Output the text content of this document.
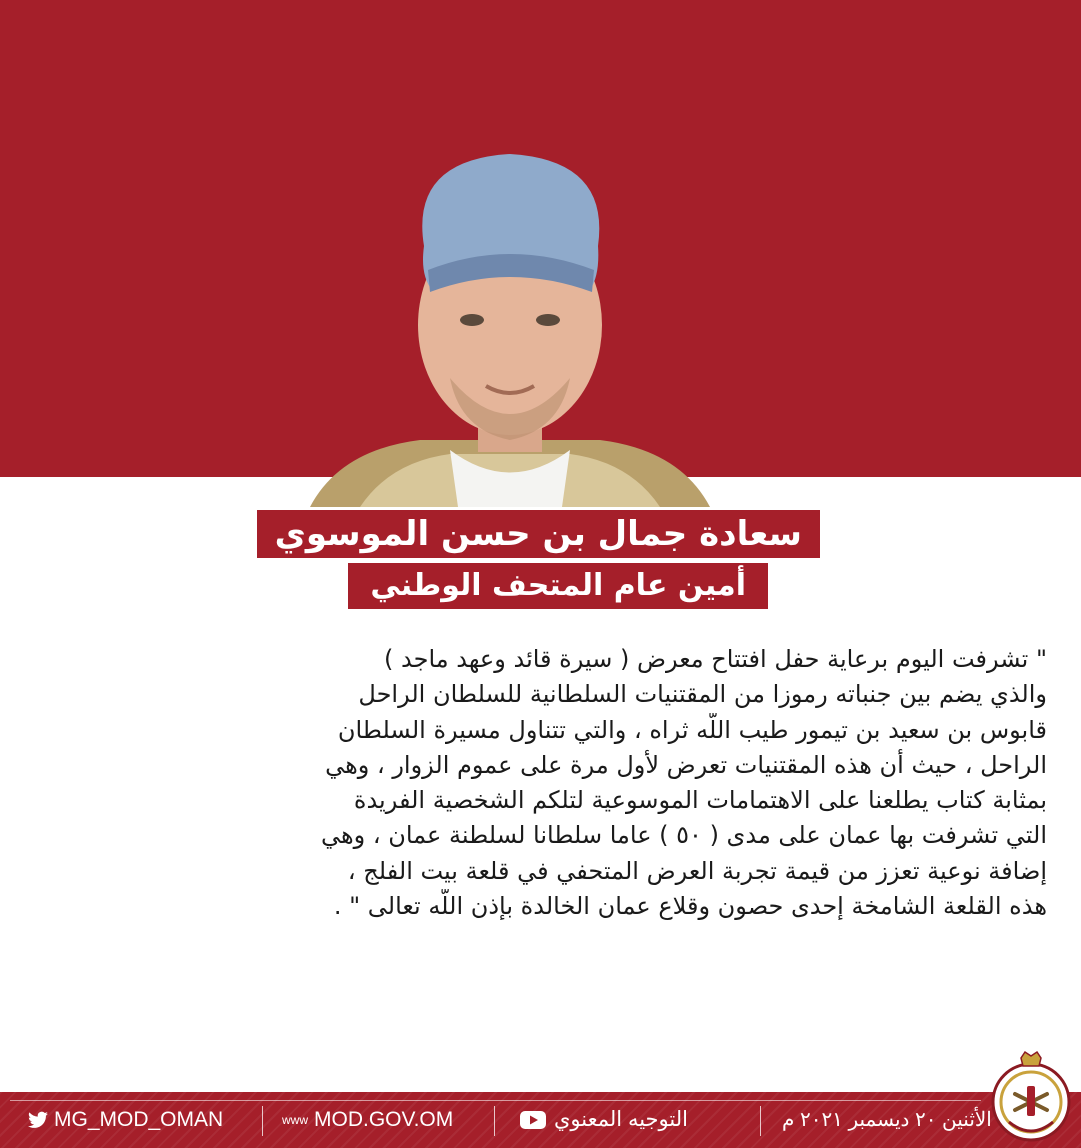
سعادة جمال بن حسن الموسوي
أمين عام المتحف الوطني
" تشرفت اليوم برعاية حفل افتتاح معرض ( سيرة قائد وعهد ماجد )
والذي يضم بين جنباته رموزا من المقتنيات السلطانية للسلطان الراحل
قابوس بن سعيد بن تيمور طيب اللّه ثراه ، والتي تتناول مسيرة السلطان
الراحل ، حيث أن هذه المقتنيات تعرض لأول مرة على عموم الزوار ، وهي
بمثابة كتاب يطلعنا على الاهتمامات الموسوعية لتلكم الشخصية الفريدة
التي تشرفت بها عمان على مدى ( ٥٠ ) عاما سلطانا لسلطنة عمان ، وهي
إضافة نوعية تعزز من قيمة تجربة العرض المتحفي في قلعة بيت الفلج ،
هذه القلعة الشامخة إحدى حصون وقلاع عمان الخالدة بإذن اللّه تعالى " .
MG_MOD_OMAN	www MOD.GOV.OM	التوجيه المعنوي	الأثنين ٢٠ ديسمبر ٢٠٢١ م
